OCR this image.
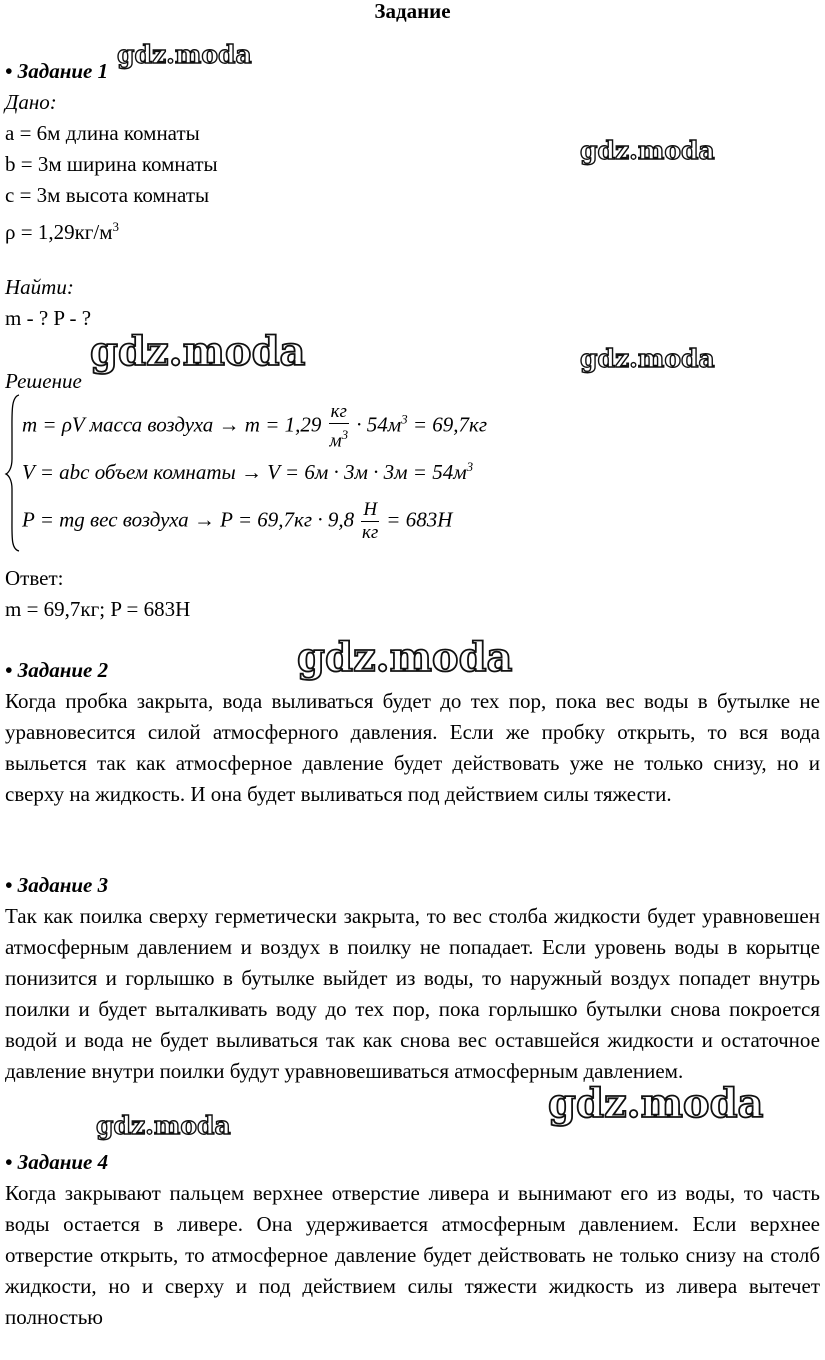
Задание
gdz.moda
gdz.moda
gdz.moda	gdz.moda
gdz.moda
gdz.moda
gdz.moda
• Задание 1
Дано:
a = 6м длина комнаты
b = 3м ширина комнаты
c = 3м высота комнаты
$\rho = 1,29кг/м^3$
Найти:
m - ? P - ?
Решение
m = ρV масса воздуха → $m = 1,29 \frac{кг}{м^3} \cdot 54м^3 = 69,7кг$
V = abc объем комнаты → $V = 6м \cdot 3м \cdot 3м = 54м^3$
P = mg вес воздуха → $P = 69,7кг \cdot 9,8 \frac{Н}{кг} = 683Н$
Ответ:
m = 69,7кг; P = 683Н
• Задание 2

Когда пробка закрыта, вода выливаться будет до тех пор, пока вес воды в бутылке не уравновесится силой атмосферного давления. Если же пробку открыть, то вся вода выльется так как атмосферное давление будет действовать уже не только снизу, но и сверху на жидкость. И она будет выливаться под действием силы тяжести.

• Задание 3

Так как поилка сверху герметически закрыта, то вес столба жидкости будет уравновешен атмосферным давлением и воздух в поилку не попадает. Если уровень воды в корытце понизится и горлышко в бутылке выйдет из воды, то наружный воздух попадет внутрь поилки и будет выталкивать воду до тех пор, пока горлышко бутылки снова покроется водой и вода не будет выливаться так как снова вес оставшейся жидкости и остаточное давление внутри поилки будут уравновешиваться атмосферным давлением.

• Задание 4

Когда закрывают пальцем верхнее отверстие ливера и вынимают его из воды, то часть воды остается в ливере. Она удерживается атмосферным давлением. Если верхнее отверстие открыть, то атмосферное давление будет действовать не только снизу на столб жидкости, но и сверху и под действием силы тяжести жидкость из ливера вытечет полностью
